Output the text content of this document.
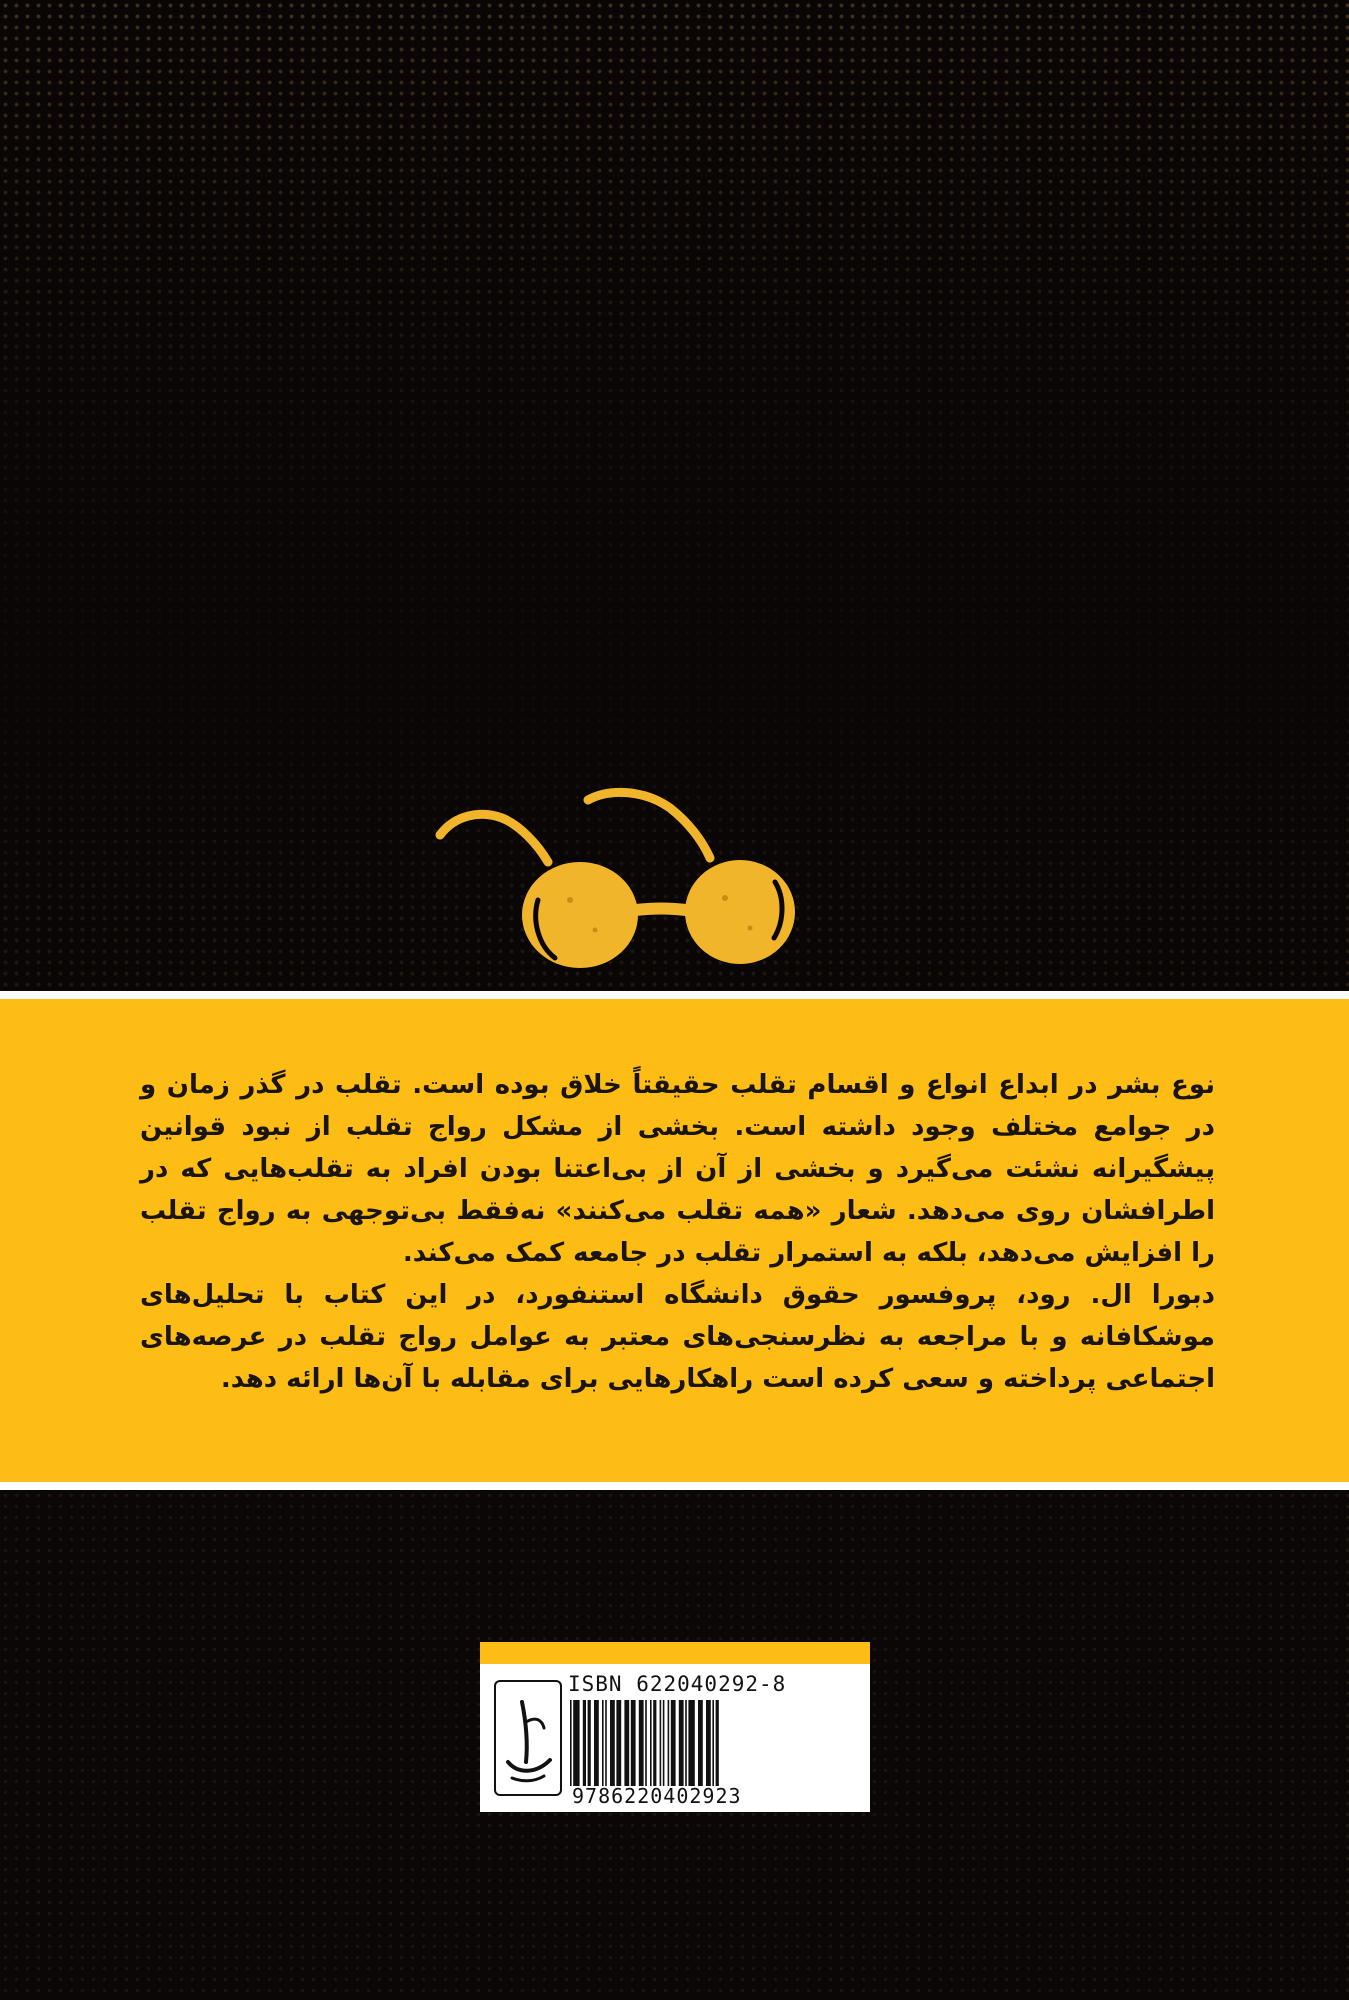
نوع بشر در ابداع انواع و اقسام تقلب حقیقتاً خلاق بوده است. تقلب در گذر زمان و در جوامع مختلف وجود داشته است. بخشی از مشکل رواج تقلب از نبود قوانین پیشگیرانه نشئت می‌گیرد و بخشی از آن از بی‌اعتنا بودن افراد به تقلب‌هایی که در اطرافشان روی می‌دهد. شعار «همه تقلب می‌کنند» نه‌فقط بی‌توجهی به رواج تقلب را افزایش می‌دهد، بلکه به استمرار تقلب در جامعه کمک می‌کند.

دبورا ال. رود، پروفسور حقوق دانشگاه استنفورد، در این کتاب با تحلیل‌های موشکافانه و با مراجعه به نظرسنجی‌های معتبر به عوامل رواج تقلب در عرصه‌های اجتماعی پرداخته و سعی کرده است راهکارهایی برای مقابله با آن‌ها ارائه دهد.

ISBN 622040292-8
9786220402923
